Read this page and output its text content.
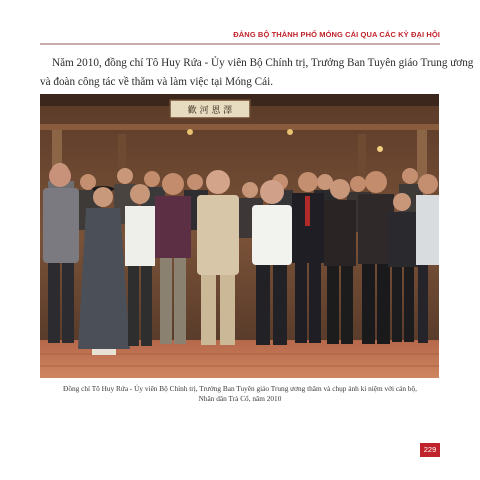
ĐẢNG BỘ THÀNH PHỐ MÓNG CÁI QUA CÁC KỲ ĐẠI HỘI
Năm 2010, đồng chí Tô Huy Rứa - Ủy viên Bộ Chính trị, Trưởng Ban Tuyên giáo Trung ương
và đoàn công tác về thăm và làm việc tại Móng Cái.
歡 河 恩 澤
Đồng chí Tô Huy Rứa - Ủy viên Bộ Chính trị, Trưởng Ban Tuyên giáo Trung ương thăm và chụp ảnh kỉ niệm với cán bộ,
Nhân dân Trà Cổ, năm 2010
229
